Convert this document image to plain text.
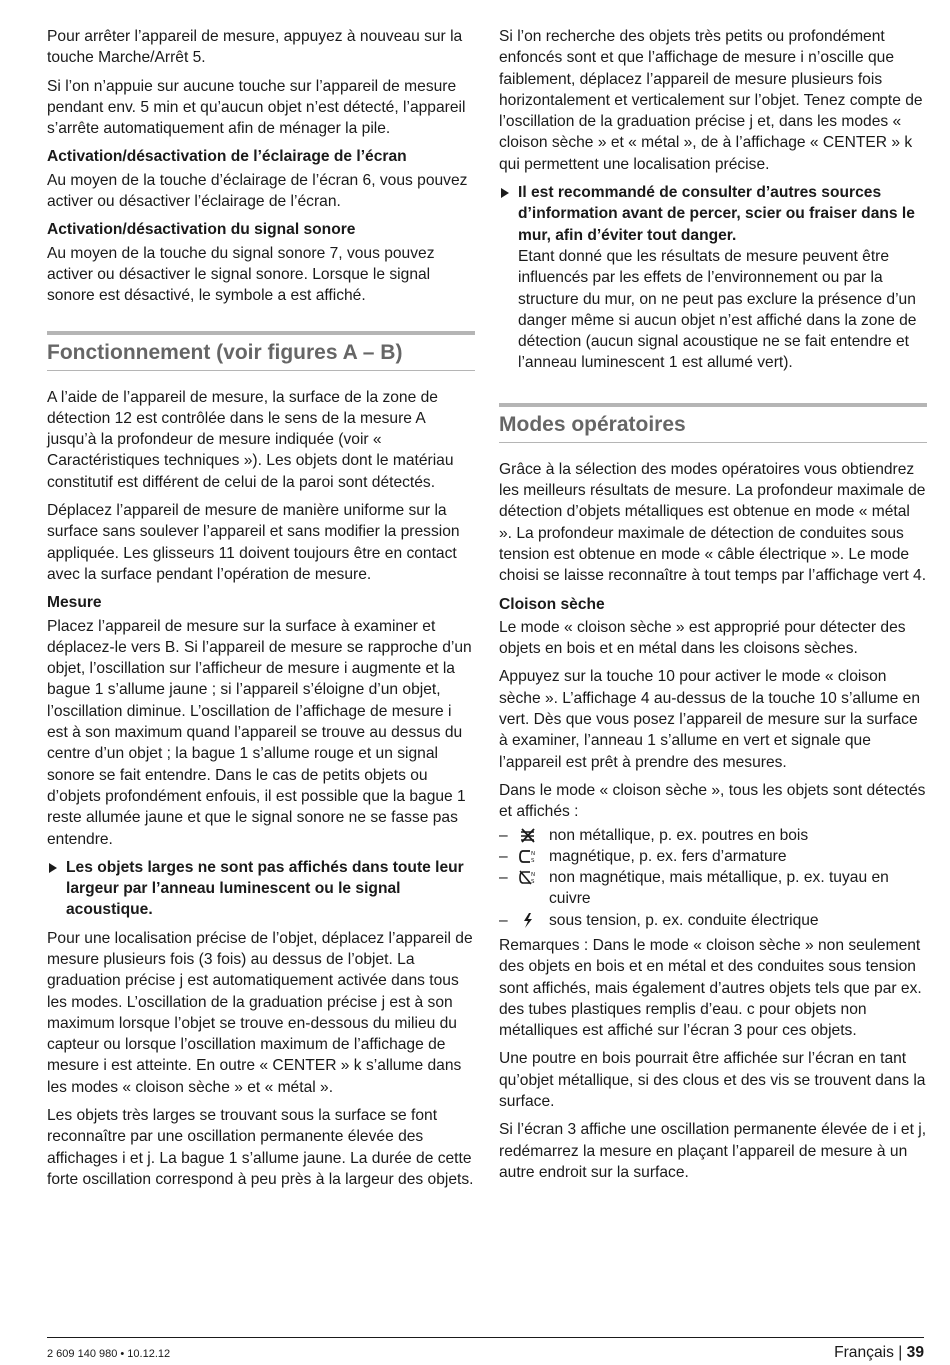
Pour arrêter l’appareil de mesure, appuyez à nouveau sur la touche Marche/Arrêt 5.

Si l’on n’appuie sur aucune touche sur l’appareil de mesure pendant env. 5 min et qu’aucun objet n’est détecté, l’appareil s’arrête automatiquement afin de ménager la pile.

Activation/désactivation de l’éclairage de l’écran

Au moyen de la touche d’éclairage de l’écran 6, vous pouvez activer ou désactiver l’éclairage de l’écran.

Activation/désactivation du signal sonore

Au moyen de la touche du signal sonore 7, vous pouvez activer ou désactiver le signal sonore. Lorsque le signal sonore est désactivé, le symbole a est affiché.

Fonctionnement (voir figures A – B)

A l’aide de l’appareil de mesure, la surface de la zone de détection 12 est contrôlée dans le sens de la mesure A jusqu’à la profondeur de mesure indiquée (voir « Caractéristiques techniques »). Les objets dont le matériau constitutif est différent de celui de la paroi sont détectés.

Déplacez l’appareil de mesure de manière uniforme sur la surface sans soulever l’appareil et sans modifier la pression appliquée. Les glisseurs 11 doivent toujours être en contact avec la surface pendant l’opération de mesure.

Mesure

Placez l’appareil de mesure sur la surface à examiner et déplacez-le vers B. Si l’appareil de mesure se rapproche d’un objet, l’oscillation sur l’afficheur de mesure i augmente et la bague 1 s’allume jaune ; si l’appareil s’éloigne d’un objet, l’oscillation diminue. L’oscillation de l’affichage de mesure i est à son maximum quand l’appareil se trouve au dessus du centre d’un objet ; la bague 1 s’allume rouge et un signal sonore se fait entendre. Dans le cas de petits objets ou d’objets profondément enfouis, il est possible que la bague 1 reste allumée jaune et que le signal sonore ne se fasse pas entendre.

Les objets larges ne sont pas affichés dans toute leur largeur par l’anneau luminescent ou le signal acoustique.

Pour une localisation précise de l’objet, déplacez l’appareil de mesure plusieurs fois (3 fois) au dessus de l’objet. La graduation précise j est automatiquement activée dans tous les modes. L’oscillation de la graduation précise j est à son maximum lorsque l’objet se trouve en-dessous du milieu du capteur ou lorsque l’oscillation maximum de l’affichage de mesure i est atteinte. En outre « CENTER » k s’allume dans les modes « cloison sèche » et « métal ».

Les objets très larges se trouvant sous la surface se font reconnaître par une oscillation permanente élevée des affichages i et j. La bague 1 s’allume jaune. La durée de cette forte oscillation correspond à peu près à la largeur des objets.

Si l’on recherche des objets très petits ou profondément enfoncés sont et que l’affichage de mesure i n’oscille que faiblement, déplacez l’appareil de mesure plusieurs fois horizontalement et verticalement sur l’objet. Tenez compte de l’oscillation de la graduation précise j et, dans les modes « cloison sèche » et « métal », de à l’affichage « CENTER » k qui permettent une localisation précise.

Il est recommandé de consulter d’autres sources d’information avant de percer, scier ou fraiser dans le mur, afin d’éviter tout danger.

Etant donné que les résultats de mesure peuvent être influencés par les effets de l’environnement ou par la structure du mur, on ne peut pas exclure la présence d’un danger même si aucun objet n’est affiché dans la zone de détection (aucun signal acoustique ne se fait entendre et l’anneau luminescent 1 est allumé vert).

Modes opératoires

Grâce à la sélection des modes opératoires vous obtiendrez les meilleurs résultats de mesure. La profondeur maximale de détection d’objets métalliques est obtenue en mode « métal ». La profondeur maximale de détection de conduites sous tension est obtenue en mode « câble électrique ». Le mode choisi se laisse reconnaître à tout temps par l’affichage vert 4.

Cloison sèche

Le mode « cloison sèche » est approprié pour détecter des objets en bois et en métal dans les cloisons sèches.

Appuyez sur la touche 10 pour activer le mode « cloison sèche ». L’affichage 4 au-dessus de la touche 10 s’allume en vert. Dès que vous posez l’appareil de mesure sur la surface à examiner, l’anneau 1 s’allume en vert et signale que l’appareil est prêt à prendre des mesures.

Dans le mode « cloison sèche », tous les objets sont détectés et affichés :

–	non métallique, p. ex. poutres en bois
–	N
S magnétique, p. ex. fers d’armature
–	N
S non magnétique, mais métallique, p. ex. tuyau en cuivre
–	sous tension, p. ex. conduite électrique

Remarques : Dans le mode « cloison sèche » non seulement des objets en bois et en métal et des conduites sous tension sont affichés, mais également d’autres objets tels que par ex. des tubes plastiques remplis d’eau. c pour objets non métalliques est affiché sur l’écran 3 pour ces objets.

Une poutre en bois pourrait être affichée sur l’écran en tant qu’objet métallique, si des clous et des vis se trouvent dans la surface.

Si l’écran 3 affiche une oscillation permanente élevée de i et j, redémarrez la mesure en plaçant l’appareil de mesure à un autre endroit sur la surface.

2 609 140 980 • 10.12.12	Français | 39
